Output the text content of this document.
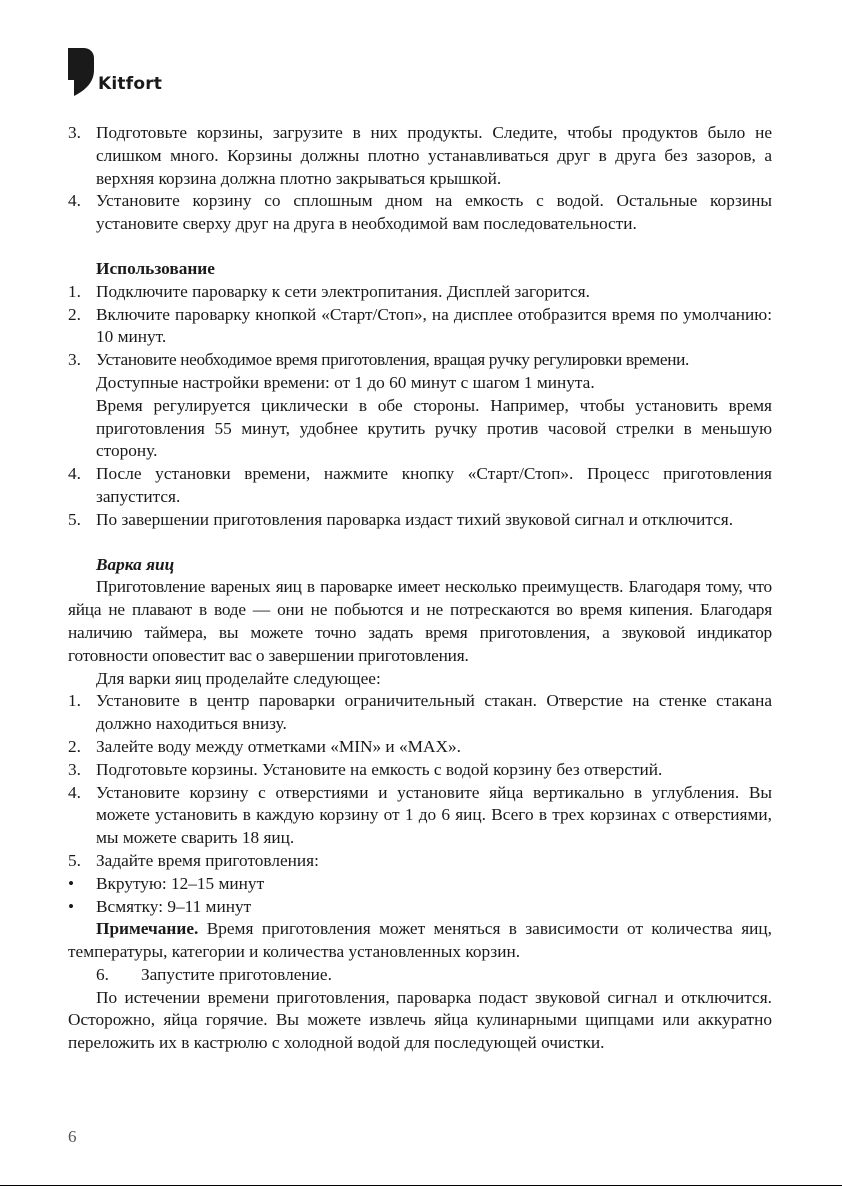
Kitfort
3. Подготовьте корзины, загрузите в них продукты. Следите, чтобы продуктов было не слишком много. Корзины должны плотно устанавливаться друг в друга без зазоров, а верхняя корзина должна плотно закрываться крышкой.
4. Установите корзину со сплошным дном на емкость с водой. Остальные корзины установите сверху друг на друга в необходимой вам последовательности.
Использование
1. Подключите пароварку к сети электропитания. Дисплей загорится.
2. Включите пароварку кнопкой «Старт/Стоп», на дисплее отобразится время по умолчанию: 10 минут.
3. Установите необходимое время приготовления, вращая ручку регулировки времени.
Доступные настройки времени: от 1 до 60 минут с шагом 1 минута.
Время регулируется циклически в обе стороны. Например, чтобы установить время приготовления 55 минут, удобнее крутить ручку против часовой стрелки в меньшую сторону.
4. После установки времени, нажмите кнопку «Старт/Стоп». Процесс приготовления запустится.
5. По завершении приготовления пароварка издаст тихий звуковой сигнал и отключится.
Варка яиц
Приготовление вареных яиц в пароварке имеет несколько преимуществ. Благодаря тому, что яйца не плавают в воде — они не побьются и не потрескаются во время кипения. Благодаря наличию таймера, вы можете точно задать время приготовления, а звуковой индикатор готовности оповестит вас о завершении приготовления.
Для варки яиц проделайте следующее:
1. Установите в центр пароварки ограничительный стакан. Отверстие на стенке стакана должно находиться внизу.
2. Залейте воду между отметками «MIN» и «MAX».
3. Подготовьте корзины. Установите на емкость с водой корзину без отверстий.
4. Установите корзину с отверстиями и установите яйца вертикально в углубления. Вы можете установить в каждую корзину от 1 до 6 яиц. Всего в трех корзинах с отверстиями, мы можете сварить 18 яиц.
5. Задайте время приготовления:
• Вкрутую: 12–15 минут
• Всмятку: 9–11 минут
Примечание. Время приготовления может меняться в зависимости от количества яиц, температуры, категории и количества установленных корзин.
6. Запустите приготовление.
По истечении времени приготовления, пароварка подаст звуковой сигнал и отключится. Осторожно, яйца горячие. Вы можете извлечь яйца кулинарными щипцами или аккуратно переложить их в кастрюлю с холодной водой для последующей очистки.
6
